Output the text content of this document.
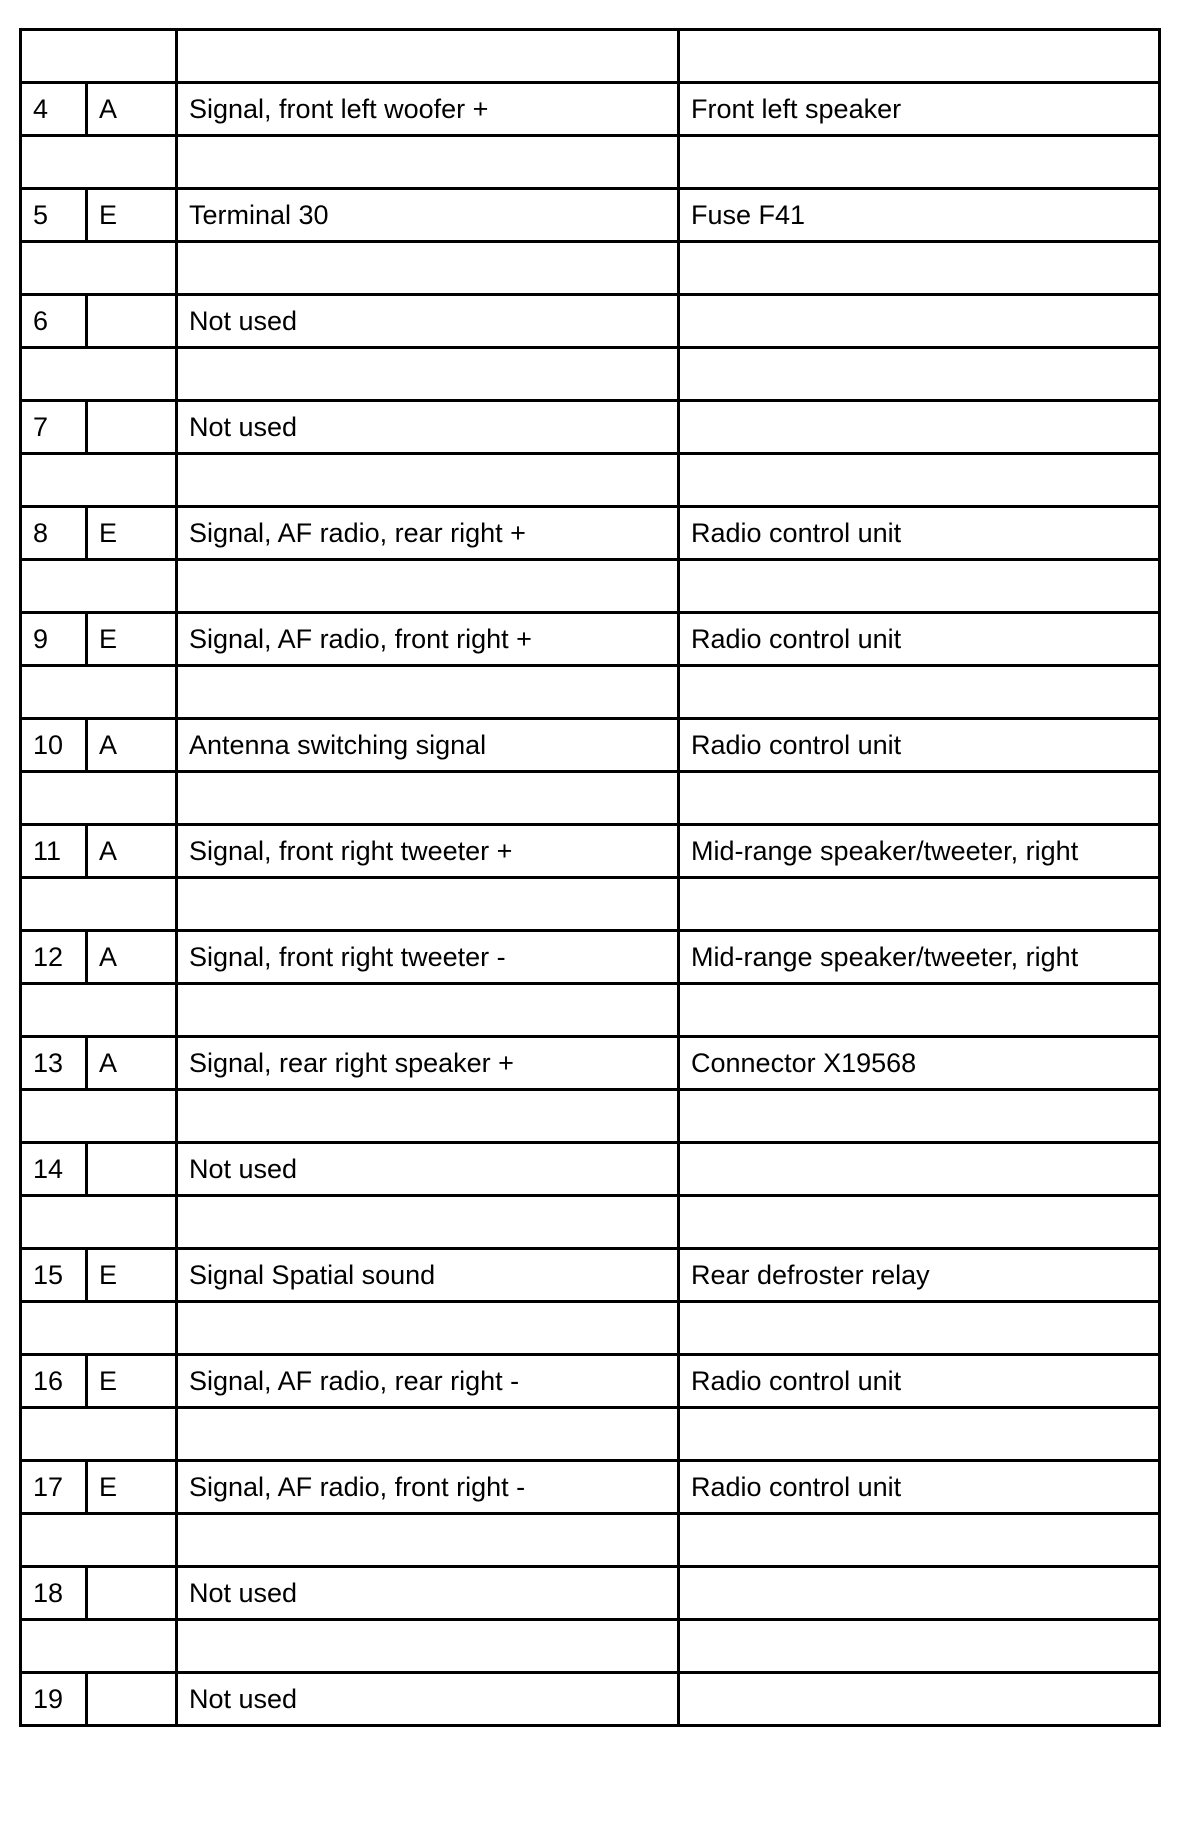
4	A	Signal, front left woofer +	Front left speaker

5	E	Terminal 30	Fuse F41

6		Not used	

7		Not used	

8	E	Signal, AF radio, rear right +	Radio control unit

9	E	Signal, AF radio, front right +	Radio control unit

10	A	Antenna switching signal	Radio control unit

11	A	Signal, front right tweeter +	Mid-range speaker/tweeter, right

12	A	Signal, front right tweeter -	Mid-range speaker/tweeter, right

13	A	Signal, rear right speaker +	Connector X19568

14		Not used	

15	E	Signal Spatial sound	Rear defroster relay

16	E	Signal, AF radio, rear right -	Radio control unit

17	E	Signal, AF radio, front right -	Radio control unit

18		Not used	

19		Not used	
